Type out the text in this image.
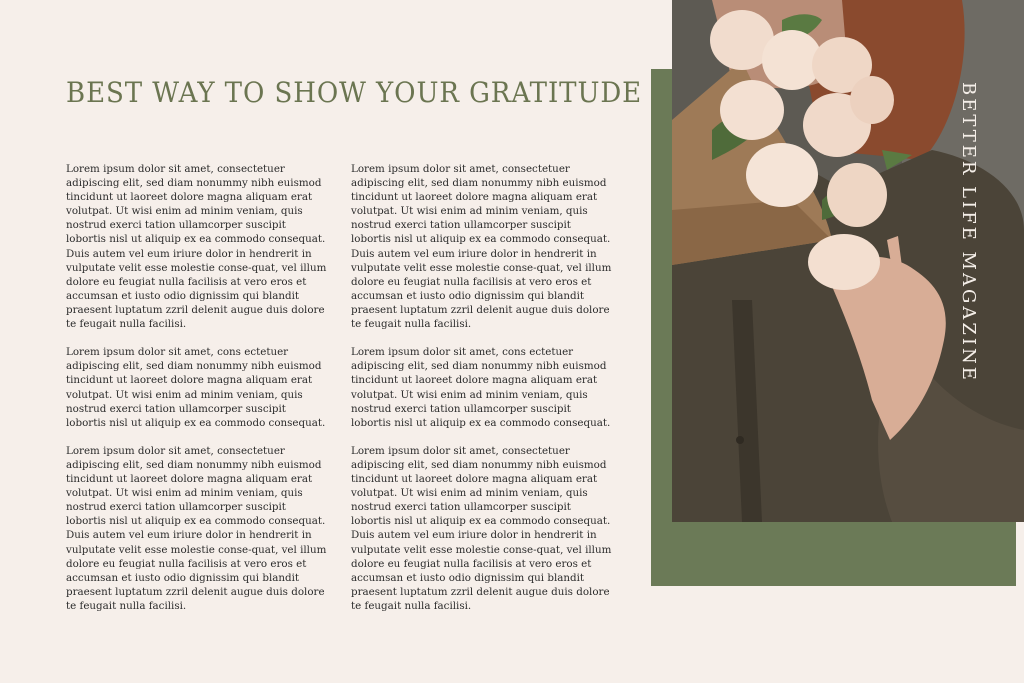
BEST WAY TO SHOW YOUR GRATITUDE

Lorem ipsum dolor sit amet, consectetuer adipiscing elit, sed diam nonummy nibh euismod tincidunt ut laoreet dolore magna aliquam erat volutpat. Ut wisi enim ad minim veniam, quis nostrud exerci tation ullamcorper suscipit lobortis nisl ut aliquip ex ea commodo consequat. Duis autem vel eum iriure dolor in hendrerit in vulputate velit esse molestie conse-quat, vel illum dolore eu feugiat nulla facilisis at vero eros et accumsan et iusto odio dignissim qui blandit praesent luptatum zzril delenit augue duis dolore te feugait nulla facilisi.

Lorem ipsum dolor sit amet, cons ectetuer adipiscing elit, sed diam nonummy nibh euismod tincidunt ut laoreet dolore magna aliquam erat volutpat. Ut wisi enim ad minim veniam, quis nostrud exerci tation ullamcorper suscipit lobortis nisl ut aliquip ex ea commodo consequat.

Lorem ipsum dolor sit amet, consectetuer adipiscing elit, sed diam nonummy nibh euismod tincidunt ut laoreet dolore magna aliquam erat volutpat. Ut wisi enim ad minim veniam, quis nostrud exerci tation ullamcorper suscipit lobortis nisl ut aliquip ex ea commodo consequat. Duis autem vel eum iriure dolor in hendrerit in vulputate velit esse molestie conse-quat, vel illum dolore eu feugiat nulla facilisis at vero eros et accumsan et iusto odio dignissim qui blandit praesent luptatum zzril delenit augue duis dolore te feugait nulla facilisi.

Lorem ipsum dolor sit amet, consectetuer adipiscing elit, sed diam nonummy nibh euismod tincidunt ut laoreet dolore magna aliquam erat volutpat. Ut wisi enim ad minim veniam, quis nostrud exerci tation ullamcorper suscipit lobortis nisl ut aliquip ex ea commodo consequat. Duis autem vel eum iriure dolor in hendrerit in vulputate velit esse molestie conse-quat, vel illum dolore eu feugiat nulla facilisis at vero eros et accumsan et iusto odio dignissim qui blandit praesent luptatum zzril delenit augue duis dolore te feugait nulla facilisi.

Lorem ipsum dolor sit amet, cons ectetuer adipiscing elit, sed diam nonummy nibh euismod tincidunt ut laoreet dolore magna aliquam erat volutpat. Ut wisi enim ad minim veniam, quis nostrud exerci tation ullamcorper suscipit lobortis nisl ut aliquip ex ea commodo consequat.

Lorem ipsum dolor sit amet, consectetuer adipiscing elit, sed diam nonummy nibh euismod tincidunt ut laoreet dolore magna aliquam erat volutpat. Ut wisi enim ad minim veniam, quis nostrud exerci tation ullamcorper suscipit lobortis nisl ut aliquip ex ea commodo consequat. Duis autem vel eum iriure dolor in hendrerit in vulputate velit esse molestie conse-quat, vel illum dolore eu feugiat nulla facilisis at vero eros et accumsan et iusto odio dignissim qui blandit praesent luptatum zzril delenit augue duis dolore te feugait nulla facilisi.

BETTER LIFE MAGAZINE
